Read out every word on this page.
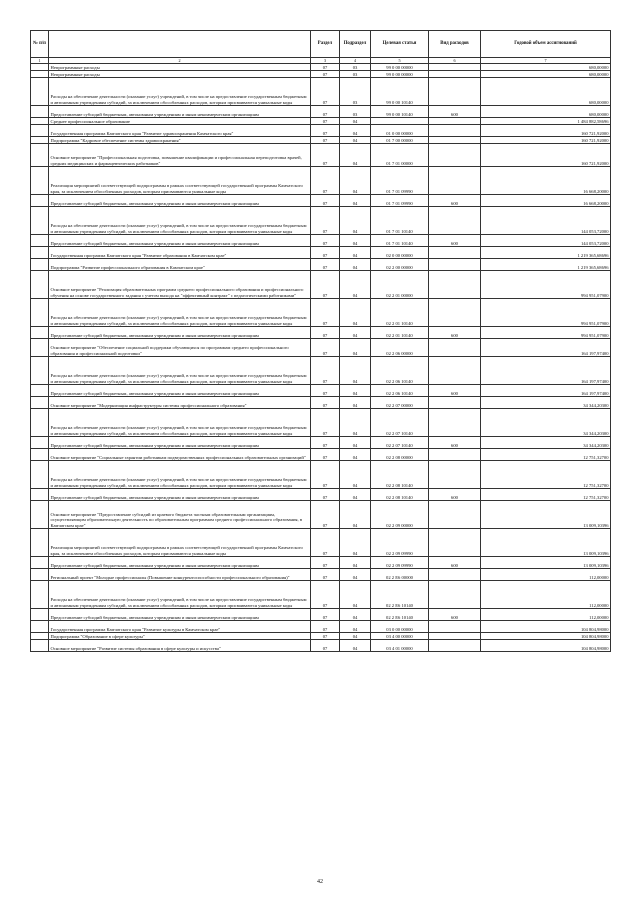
№ п/п		Раздел	Подраздел	Целевая статья	Вид расходов	Годовой объем ассигнований
1	2	3	4	5	6	7
	Непрограммные расходы	07	03	99 0 00 00000		680,00000
	Непрограммные расходы	07	03	99 0 00 00000		680,00000
	Расходы на обеспечение деятельности (оказание услуг) учреждений, в том числе на предоставление государственным бюджетным и автономным учреждениям субсидий, за исключением обособленных расходов, которым присваиваются уникальные коды	07	03	99 0 00 10140		680,00000
	Предоставление субсидий бюджетным, автономным учреждениям и иным некоммерческим организациям	07	03	99 0 00 10140	600	680,00000
	Среднее профессиональное образование	07	04			1 484 882,58696
	Государственная программа Камчатского края "Развитие здравоохранения Камчатского края"	07	04	01 0 00 00000		160 721,92000
	Подпрограмма "Кадровое обеспечение системы здравоохранения"	07	04	01 7 00 00000		160 721,92000
	Основное мероприятие "Профессиональная подготовка, повышение квалификации и профессиональная переподготовка врачей, средних медицинских и фармацевтических работников"	07	04	01 7 01 00000		160 721,92000
	Реализация мероприятий соответствующей подпрограммы в рамках соответствующей государственной программы Камчатского края, за исключением обособленных расходов, которым присваиваются уникальные коды	07	04	01 7 01 09990		16 668,20000
	Предоставление субсидий бюджетным, автономным учреждениям и иным некоммерческим организациям	07	04	01 7 01 09990	600	16 668,20000
	Расходы на обеспечение деятельности (оказание услуг) учреждений, в том числе на предоставление государственным бюджетным и автономным учреждениям субсидий, за исключением обособленных расходов, которым присваиваются уникальные коды	07	04	01 7 01 10140		144 053,72000
	Предоставление субсидий бюджетным, автономным учреждениям и иным некоммерческим организациям	07	04	01 7 01 10140	600	144 053,72000
	Государственная программа Камчатского края "Развитие образования в Камчатском крае"	07	04	02 0 00 00000		1 219 365,68696
	Подпрограмма "Развитие профессионального образования в Камчатском крае"	07	04	02 2 00 00000		1 219 365,68696
	Основное мероприятие "Реализация образовательных программ среднего профессионального образования и профессионального обучения на основе государственного задания с учетом выхода на "эффективный контракт" с педагогическими работниками"	07	04	02 2 01 00000		994 951,07900
	Расходы на обеспечение деятельности (оказание услуг) учреждений, в том числе на предоставление государственным бюджетным и автономным учреждениям субсидий, за исключением обособленных расходов, которым присваиваются уникальные коды	07	04	02 2 01 10140		994 951,07900
	Предоставление субсидий бюджетным, автономным учреждениям и иным некоммерческим организациям	07	04	02 2 01 10140	600	994 951,07900
	Основное мероприятие "Обеспечение социальной поддержки обучающихся по программам среднего профессионального образования и профессиональной подготовки"	07	04	02 2 06 00000		164 197,97400
	Расходы на обеспечение деятельности (оказание услуг) учреждений, в том числе на предоставление государственным бюджетным и автономным учреждениям субсидий, за исключением обособленных расходов, которым присваиваются уникальные коды	07	04	02 2 06 10140		164 197,97400
	Предоставление субсидий бюджетным, автономным учреждениям и иным некоммерческим организациям	07	04	02 2 06 10140	600	164 197,97400
	Основное мероприятие "Модернизация инфраструктуры системы профессионального образования"	07	04	02 2 07 00000		34 344,20300
	Расходы на обеспечение деятельности (оказание услуг) учреждений, в том числе на предоставление государственным бюджетным и автономным учреждениям субсидий, за исключением обособленных расходов, которым присваиваются уникальные коды	07	04	02 2 07 10140		34 344,20300
	Предоставление субсидий бюджетным, автономным учреждениям и иным некоммерческим организациям	07	04	02 2 07 10140	600	34 344,20300
	Основное мероприятие "Социальные гарантии работникам подведомственных профессиональных образовательных организаций"	07	04	02 2 08 00000		12 751,32700
	Расходы на обеспечение деятельности (оказание услуг) учреждений, в том числе на предоставление государственным бюджетным и автономным учреждениям субсидий, за исключением обособленных расходов, которым присваиваются уникальные коды	07	04	02 2 08 10140		12 751,32700
	Предоставление субсидий бюджетным, автономным учреждениям и иным некоммерческим организациям	07	04	02 2 08 10140	600	12 751,32700
	Основное мероприятие "Предоставление субсидий из краевого бюджета частным образовательным организациям, осуществляющим образовательную деятельность по образовательным программам среднего профессионального образования, в Камчатском крае"	07	04	02 2 09 00000		13 009,10396
	Реализация мероприятий соответствующей подпрограммы в рамках соответствующей государственной программы Камчатского края, за исключением обособленных расходов, которым присваиваются уникальные коды	07	04	02 2 09 09990		13 009,10396
	Предоставление субсидий бюджетным, автономным учреждениям и иным некоммерческим организациям	07	04	02 2 09 09990	600	13 009,10396
	Региональный проект "Молодые профессионалы (Повышение конкурентоспособности профессионального образования)"	07	04	02 2 E6 00000		112,00000
	Расходы на обеспечение деятельности (оказание услуг) учреждений, в том числе на предоставление государственным бюджетным и автономным учреждениям субсидий, за исключением обособленных расходов, которым присваиваются уникальные коды	07	04	02 2 E6 10140		112,00000
	Предоставление субсидий бюджетным, автономным учреждениям и иным некоммерческим организациям	07	04	02 2 E6 10140	600	112,00000
	Государственная программа Камчатского края "Развитие культуры в Камчатском крае"	07	04	03 0 00 00000		104 804,98000
	Подпрограмма "Образование в сфере культуры"	07	04	03 4 00 00000		104 804,98000
	Основное мероприятие "Развитие системы образования в сфере культуры и искусства"	07	04	03 4 01 00000		104 804,98000
42
